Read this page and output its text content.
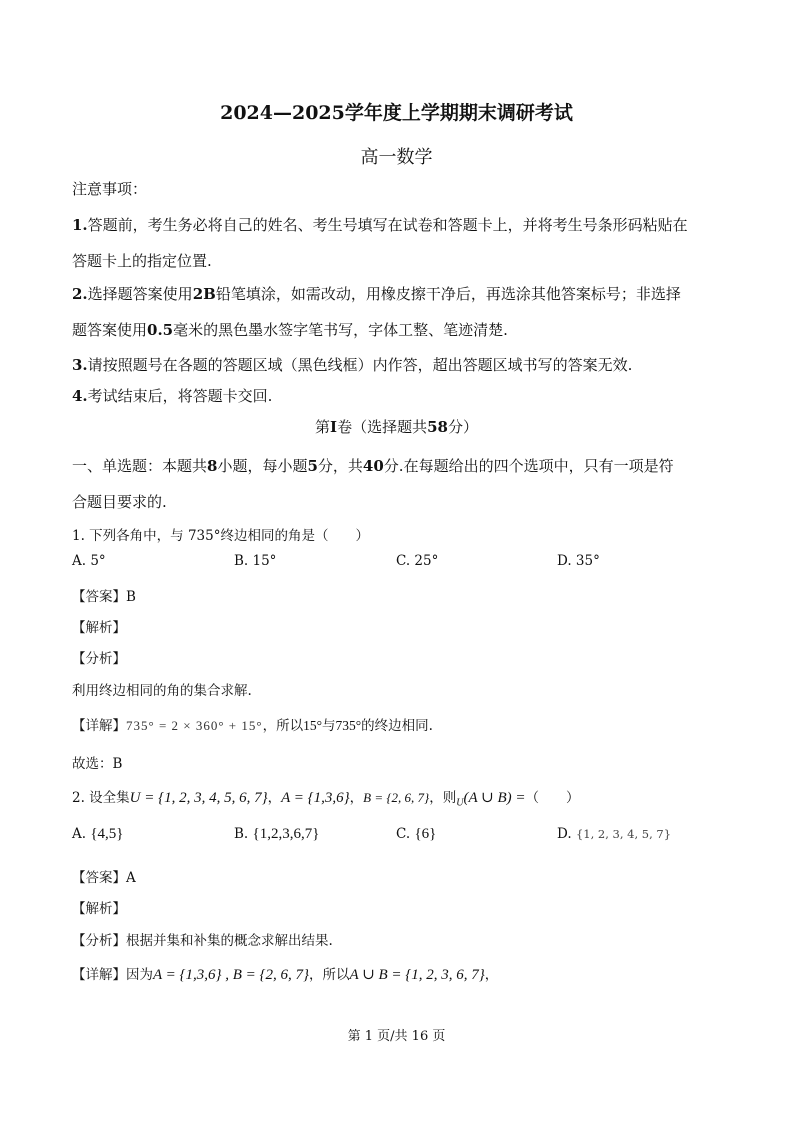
2024—2025学年度上学期期末调研考试
高一数学
注意事项：
1.答题前，考生务必将自己的姓名、考生号填写在试卷和答题卡上，并将考生号条形码粘贴在
答题卡上的指定位置.
2.选择题答案使用2B铅笔填涂，如需改动，用橡皮擦干净后，再选涂其他答案标号；非选择
题答案使用0.5毫米的黑色墨水签字笔书写，字体工整、笔迹清楚.
3.请按照题号在各题的答题区域（黑色线框）内作答，超出答题区域书写的答案无效.
4.考试结束后，将答题卡交回.
第I卷（选择题共58分）
一、单选题：本题共8小题，每小题5分，共40分.在每题给出的四个选项中，只有一项是符
合题目要求的.
1. 下列各角中，与 735°终边相同的角是（　　）
A. 5°	B. 15°	C. 25°	D. 35°
【答案】B
【解析】
【分析】
利用终边相同的角的集合求解.
【详解】735° = 2 × 360° + 15°，所以15°与735°的终边相同.
故选：B
2. 设全集U = {1, 2, 3, 4, 5, 6, 7}，A = {1,3,6}，B = {2, 6, 7}，则$_U$(A ∪ B) =（　　）
A. {4,5}	B. {1,2,3,6,7}	C. {6}	D. {1, 2, 3, 4, 5, 7}
【答案】A
【解析】
【分析】根据并集和补集的概念求解出结果.
【详解】因为A = {1,3,6} , B = {2, 6, 7}，所以A ∪ B = {1, 2, 3, 6, 7}，
第 1 页/共 16 页
